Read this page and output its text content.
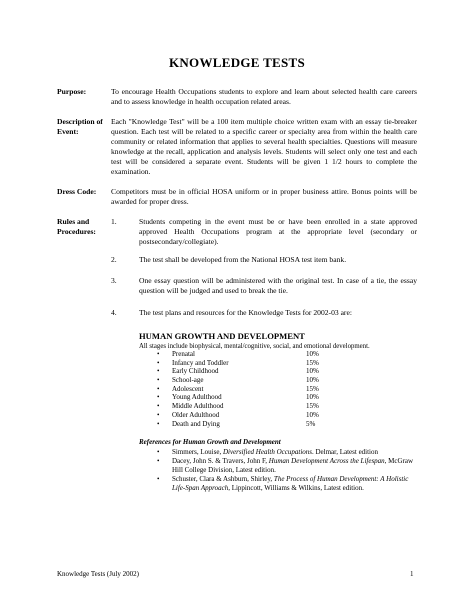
KNOWLEDGE TESTS
Purpose:	To encourage Health Occupations students to explore and learn about selected health care careers and to assess knowledge in health occupation related areas.
Description of Event:
Each "Knowledge Test" will be a 100 item multiple choice written exam with an essay tie-breaker question. Each test will be related to a specific career or specialty area from within the health care community or related information that applies to several health specialties. Questions will measure knowledge at the recall, application and analysis levels. Students will select only one test and each test will be considered a separate event. Students will be given 1 1/2 hours to complete the examination.
Dress Code:	Competitors must be in official HOSA uniform or in proper business attire. Bonus points will be awarded for proper dress.
Rules and Procedures:
1.	Students competing in the event must be or have been enrolled in a state approved approved Health Occupations program at the appropriate level (secondary or postsecondary/collegiate).
2.	The test shall be developed from the National HOSA test item bank.
3.	One essay question will be administered with the original test. In case of a tie, the essay question will be judged and used to break the tie.
4.	The test plans and resources for the Knowledge Tests for 2002-03 are:
HUMAN GROWTH AND DEVELOPMENT
All stages include biophysical, mental/cognitive, social, and emotional development.
• Prenatal	10%
• Infancy and Toddler	15%
• Early Childhood	10%
• School-age	10%
• Adolescent	15%
• Young Adulthood	10%
• Middle Adulthood	15%
• Older Adulthood	10%
• Death and Dying	5%
References for Human Growth and Development
• Simmers, Louise, Diversified Health Occupations. Delmar, Latest edition
• Dacey, John S. & Travers, John F, Human Development Across the Lifespan, McGraw Hill College Division, Latest edition.
• Schuster, Clara & Ashburn, Shirley, The Process of Human Development: A Holistic Life-Span Approach, Lippincott, Williams & Wilkins, Latest edition.
Knowledge Tests (July 2002)	1
